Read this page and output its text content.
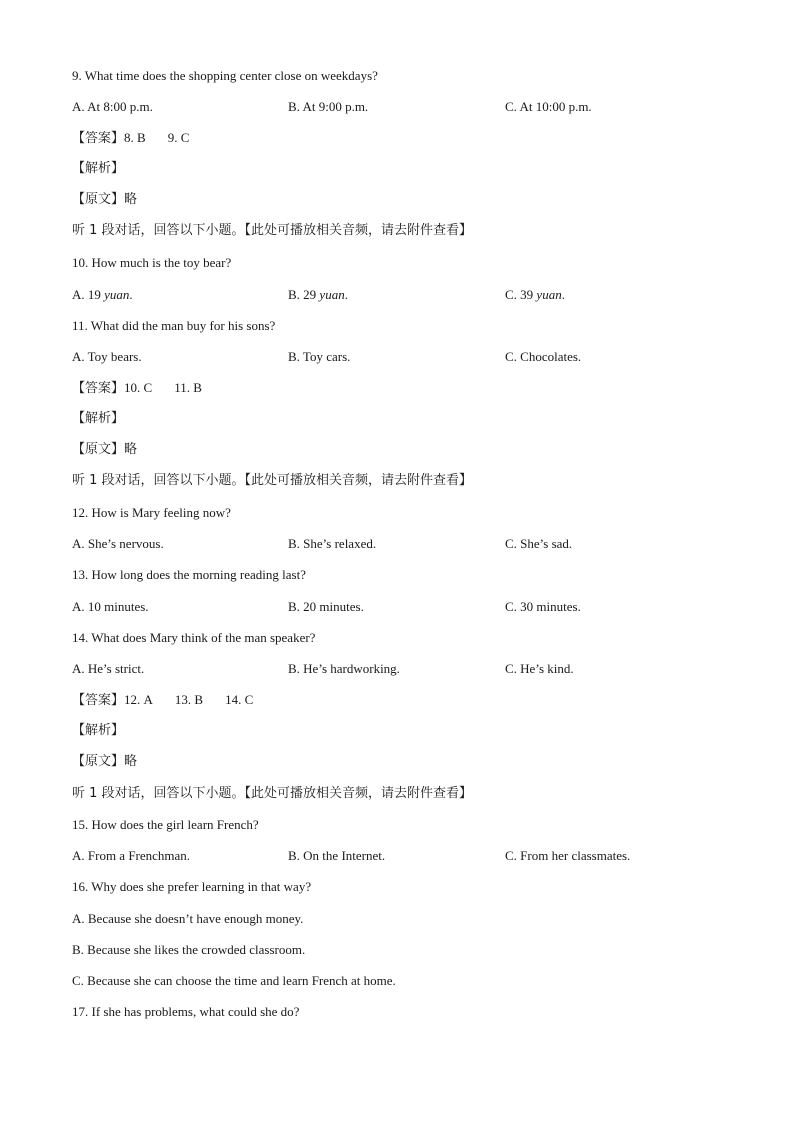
9. What time does the shopping center close on weekdays?
A. At 8:00 p.m.	B. At 9:00 p.m.	C. At 10:00 p.m.
【答案】8. B 9. C
【解析】
【原文】略
听 1 段对话，回答以下小题。【此处可播放相关音频，请去附件查看】
10. How much is the toy bear?
A. 19 yuan.	B. 29 yuan.	C. 39 yuan.
11. What did the man buy for his sons?
A. Toy bears.	B. Toy cars.	C. Chocolates.
【答案】10. C 11. B
【解析】
【原文】略
听 1 段对话，回答以下小题。【此处可播放相关音频，请去附件查看】
12. How is Mary feeling now?
A. She’s nervous.	B. She’s relaxed.	C. She’s sad.
13. How long does the morning reading last?
A. 10 minutes.	B. 20 minutes.	C. 30 minutes.
14. What does Mary think of the man speaker?
A. He’s strict.	B. He’s hardworking.	C. He’s kind.
【答案】12. A 13. B 14. C
【解析】
【原文】略
听 1 段对话，回答以下小题。【此处可播放相关音频，请去附件查看】
15. How does the girl learn French?
A. From a Frenchman.	B. On the Internet.	C. From her classmates.
16. Why does she prefer learning in that way?
A. Because she doesn’t have enough money.
B. Because she likes the crowded classroom.
C. Because she can choose the time and learn French at home.
17. If she has problems, what could she do?
